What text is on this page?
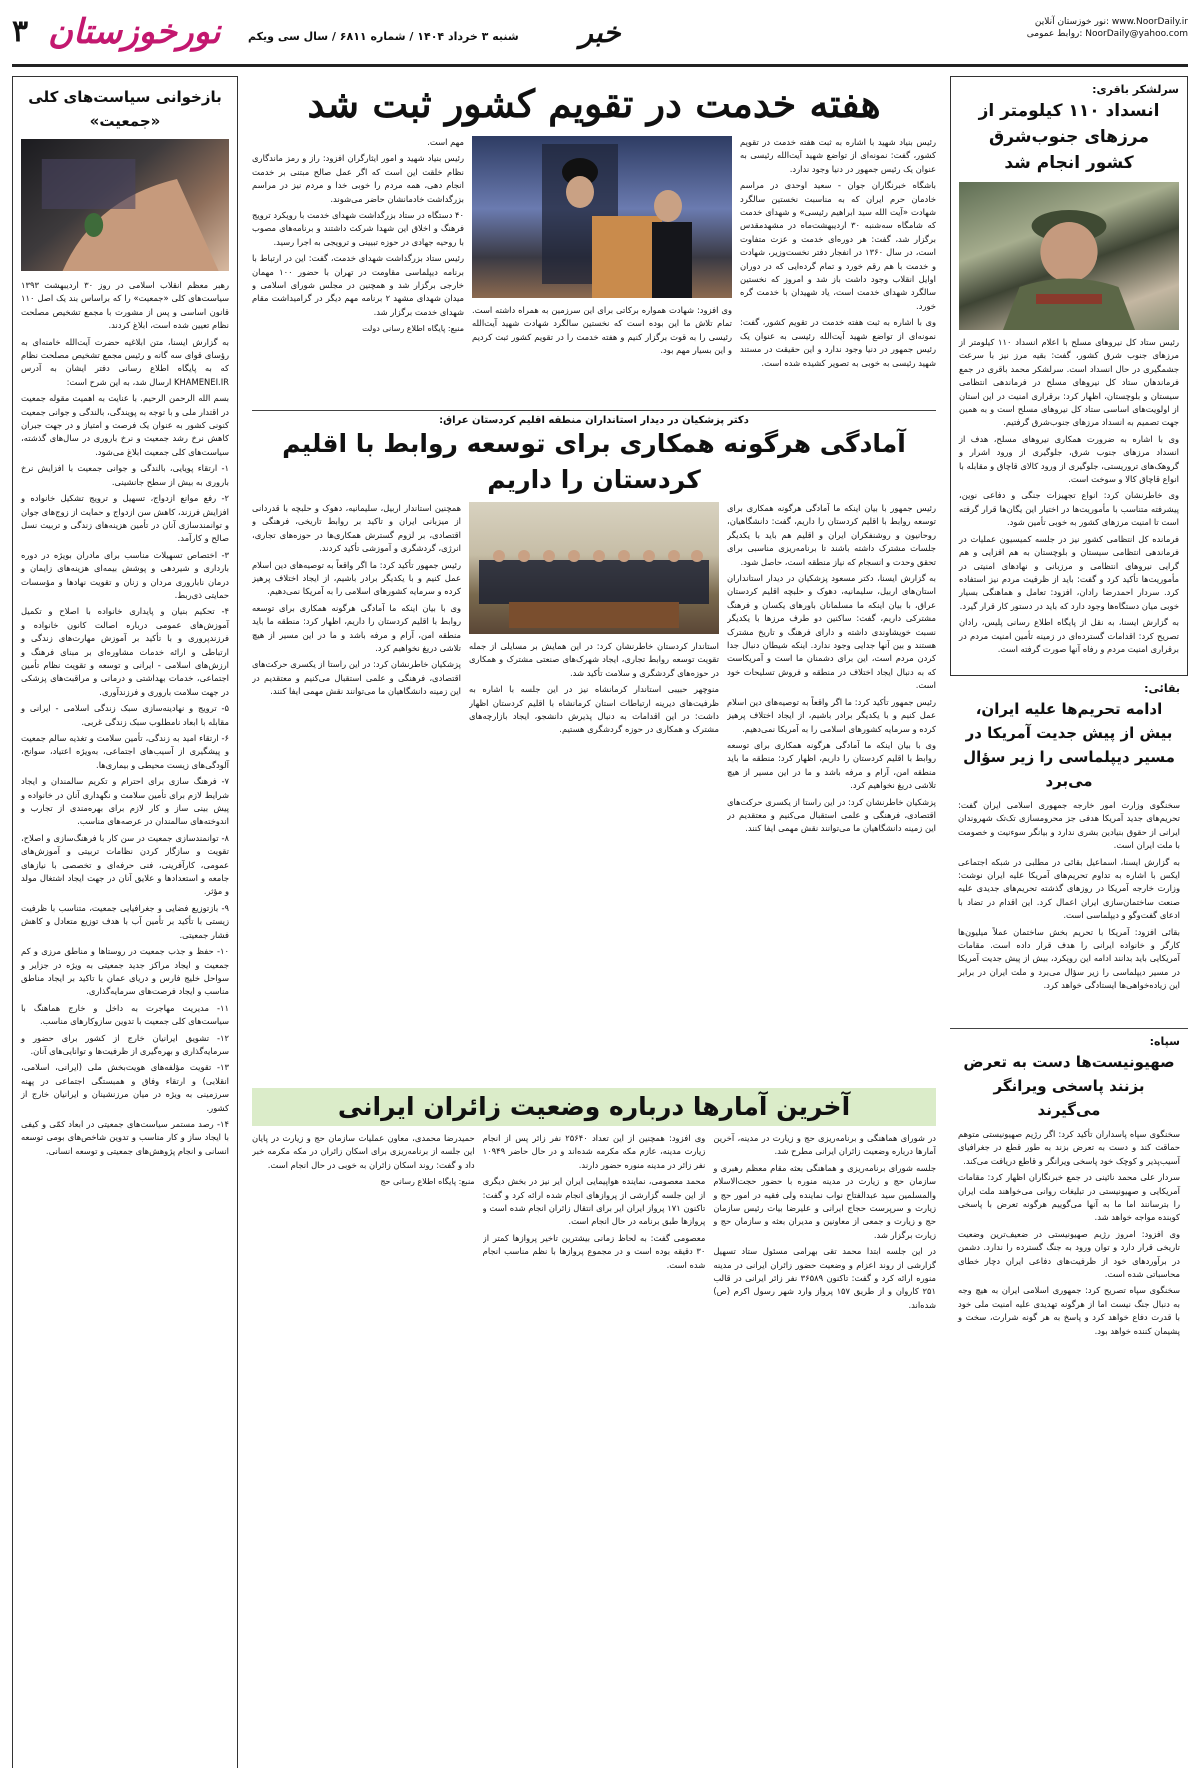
۳ نورخوزستان شنبه ۳ خرداد ۱۴۰۴ / شماره ۶۸۱۱ / سال سی ویکم خبر	نور خوزستان آنلاین: www.NoorDaily.ir
روابط عمومی: NoorDaily@yahoo.com
سرلشکر باقری:
انسداد ۱۱۰ کیلومتر از مرزهای جنوب‌شرق کشور انجام شد

رئیس ستاد کل نیروهای مسلح با اعلام انسداد ۱۱۰ کیلومتر از مرزهای جنوب شرق کشور، گفت: بقیه مرز نیز با سرعت جشمگیری در حال انسداد است. سرلشکر محمد باقری در جمع فرماندهان ستاد کل نیروهای مسلح در فرماندهی انتظامی سیستان و بلوچستان، اظهار کرد: برقراری امنیت در این استان از اولویت‌های اساسی ستاد کل نیروهای مسلح است و به همین جهت تصمیم به انسداد مرزهای جنوب‌شرق گرفتیم.

وی با اشاره به ضرورت همکاری نیروهای مسلح، هدف از انسداد مرزهای جنوب شرق، جلوگیری از ورود اشرار و گروهک‌های تروریستی، جلوگیری از ورود کالای قاچاق و مقابله با انواع قاچاق کالا و سوخت است.

وی خاطرنشان کرد: انواع تجهیزات جنگی و دفاعی نوین، پیشرفته متناسب با مأموریت‌ها در اختیار این یگان‌ها قرار گرفته است تا امنیت مرزهای کشور به خوبی تأمین شود.

فرمانده کل انتظامی کشور نیز در جلسه کمیسیون عملیات در فرماندهی انتظامی سیستان و بلوچستان به هم افزایی و هم گرایی نیروهای انتظامی و مرزبانی و نهادهای امنیتی در مأموریت‌ها تأکید کرد و گفت: باید از ظرفیت مردم نیز استفاده کرد. سردار احمدرضا رادان، افزود: تعامل و هماهنگی بسیار خوبی میان دستگاه‌ها وجود دارد که باید در دستور کار قرار گیرد.

به گزارش ایسنا، به نقل از پایگاه اطلاع رسانی پلیس، رادان تصریح کرد: اقدامات گسترده‌ای در زمینه تأمین امنیت مردم در برقراری امنیت مردم و رفاه آنها صورت گرفته است.

بقائی:
ادامه تحریم‌ها علیه ایران، بیش از پیش جدیت آمریکا در مسیر دیپلماسی را زیر سؤال می‌برد

سخنگوی وزارت امور خارجه جمهوری اسلامی ایران گفت: تحریم‌های جدید آمریکا هدفی جز محرومسازی تک‌تک شهروندان ایرانی از حقوق بنیادین بشری ندارد و بیانگر سوءنیت و خصومت با ملت ایران است.

به گزارش ایسنا، اسماعیل بقائی در مطلبی در شبکه اجتماعی ایکس با اشاره به تداوم تحریم‌های آمریکا علیه ایران نوشت: وزارت خارجه آمریکا در روزهای گذشته تحریم‌های جدیدی علیه صنعت ساختمان‌سازی ایران اعمال کرد. این اقدام در تضاد با ادعای گفت‌وگو و دیپلماسی است.

بقائی افزود: آمریکا با تحریم بخش ساختمان عملاً میلیون‌ها کارگر و خانواده ایرانی را هدف قرار داده است. مقامات آمریکایی باید بدانند ادامه این رویکرد، بیش از پیش جدیت آمریکا در مسیر دیپلماسی را زیر سؤال می‌برد و ملت ایران در برابر این زیاده‌خواهی‌ها ایستادگی خواهد کرد.

سپاه:
صهیونیست‌ها دست به تعرض بزنند پاسخی ویرانگر می‌گیرند

سخنگوی سپاه پاسداران تأکید کرد: اگر رژیم صهیونیستی متوهم حماقت کند و دست به تعرض بزند به طور قطع در جغرافیای آسیب‌پذیر و کوچک خود پاسخی ویرانگر و قاطع دریافت می‌کند.

سردار علی محمد نائینی در جمع خبرنگاران اظهار کرد: مقامات آمریکایی و صهیونیستی در تبلیغات روانی می‌خواهند ملت ایران را بترسانند اما ما به آنها می‌گوییم هرگونه تعرض با پاسخی کوبنده مواجه خواهد شد.

وی افزود: امروز رژیم صهیونیستی در ضعیف‌ترین وضعیت تاریخی قرار دارد و توان ورود به جنگ گسترده را ندارد. دشمن در برآوردهای خود از ظرفیت‌های دفاعی ایران دچار خطای محاسباتی شده است.

سخنگوی سپاه تصریح کرد: جمهوری اسلامی ایران به هیچ وجه به دنبال جنگ نیست اما از هرگونه تهدیدی علیه امنیت ملی خود با قدرت دفاع خواهد کرد و پاسخ به هر گونه شرارت، سخت و پشیمان کننده خواهد بود.

هفته خدمت در تقویم کشور ثبت شد

رئیس بنیاد شهید با اشاره به ثبت هفته خدمت در تقویم کشور، گفت: نمونه‌ای از تواضع شهید آیت‌الله رئیسی به عنوان یک رئیس جمهور در دنیا وجود ندارد.

باشگاه خبرنگاران جوان - سعید اوحدی در مراسم خادمان حرم ایران که به مناسبت نخستین سالگرد شهادت «آیت الله سید ابراهیم رئیسی» و شهدای خدمت که شامگاه سه‌شنبه ۳۰ اردیبهشت‌ماه در مشهدمقدس برگزار شد، گفت: هر دوره‌ای خدمت و عزت متفاوت است، در سال ۱۳۶۰ در انفجار دفتر نخست‌وزیر، شهادت و خدمت با هم رقم خورد و تمام گرده‌ایی که در دوران اوایل انقلاب وجود داشت باز شد و امروز که نخستین سالگرد شهدای خدمت است، یاد شهیدان با خدمت گره خورد.

وی با اشاره به ثبت هفته خدمت در تقویم کشور، گفت: نمونه‌ای از تواضع شهید آیت‌الله رئیسی به عنوان یک رئیس جمهور در دنیا وجود ندارد و این حقیقت در مستند شهید رئیسی به خوبی به تصویر کشیده شده است.

وی افزود: شهادت همواره برکاتی برای این سرزمین به همراه داشته است. تمام تلاش ما این بوده است که نخستین سالگرد شهادت شهید آیت‌الله رئیسی را به قوت برگزار کنیم و هفته خدمت را در تقویم کشور ثبت کردیم و این بسیار مهم بود.

مهم است.

رئیس بنیاد شهید و امور ایثارگران افزود: راز و رمز ماندگاری نظام خلقت این است که اگر عمل صالح مبتنی بر خدمت انجام دهی، همه مردم را خوبی خدا و مردم نیز در مراسم بزرگداشت خادمانشان حاضر می‌شوند.

۴۰ دستگاه در ستاد بزرگداشت شهدای خدمت با رویکرد ترویج فرهنگ و اخلاق این شهدا شرکت داشتند و برنامه‌های مصوب با روحیه جهادی در حوزه تبیینی و ترویجی به اجرا رسید.

رئیس ستاد بزرگداشت شهدای خدمت، گفت: این در ارتباط با برنامه دیپلماسی مقاومت در تهران با حضور ۱۰۰ مهمان خارجی برگزار شد و همچنین در مجلس شورای اسلامی و میدان شهدای مشهد ۲ برنامه مهم دیگر در گرامیداشت مقام شهدای خدمت برگزار شد.

منبع: پایگاه اطلاع رسانی دولت

دکتر پزشکیان در دیدار استانداران منطقه اقلیم کردستان عراق:
آمادگی هرگونه همکاری برای توسعه روابط با اقلیم کردستان را داریم

رئیس جمهور با بیان اینکه ما آمادگی هرگونه همکاری برای توسعه روابط با اقلیم کردستان را داریم، گفت: دانشگاهیان، روحانیون و روشنفکران ایران و اقلیم هم باید با یکدیگر جلسات مشترک داشته باشند تا برنامه‌ریزی مناسبی برای تحقق وحدت و انسجام که نیاز منطقه است، حاصل شود.

به گزارش ایسنا، دکتر مسعود پزشکیان در دیدار استانداران استان‌های اربیل، سلیمانیه، دهوک و حلبچه اقلیم کردستان عراق، با بیان اینکه ما مسلمانان باورهای یکسان و فرهنگ مشترکی داریم، گفت: ساکنین دو طرف مرزها با یکدیگر نسبت خویشاوندی داشته و دارای فرهنگ و تاریخ مشترک هستند و بین آنها جدایی وجود ندارد. اینکه شیطان دنبال جدا کردن مردم است، این برای دشمنان ما است و آمریکاست که به دنبال ایجاد اختلاف در منطقه و فروش تسلیحات خود است.

رئیس جمهور تأکید کرد: ما اگر واقعاً به توصیه‌های دین اسلام عمل کنیم و با یکدیگر برادر باشیم، از ایجاد اختلاف پرهیز کرده و سرمایه کشورهای اسلامی را به آمریکا نمی‌دهیم.

وی با بیان اینکه ما آمادگی هرگونه همکاری برای توسعه روابط با اقلیم کردستان را داریم، اظهار کرد: منطقه ما باید منطقه امن، آرام و مرفه باشد و ما در این مسیر از هیچ تلاشی دریغ نخواهیم کرد.

پزشکیان خاطرنشان کرد: در این راستا از یکسری حرکت‌های اقتصادی، فرهنگی و علمی استقبال می‌کنیم و معتقدیم در این زمینه دانشگاهیان ما می‌توانند نقش مهمی ایفا کنند.

استاندار کردستان خاطرنشان کرد: در این همایش بر مسایلی از جمله تقویت توسعه روابط تجاری، ایجاد شهرک‌های صنعتی مشترک و همکاری در حوزه‌های گردشگری و سلامت تأکید شد.

منوچهر حبیبی استاندار کرمانشاه نیز در این جلسه با اشاره به ظرفیت‌های دیرینه ارتباطات استان کرمانشاه با اقلیم کردستان اظهار داشت: در این اقدامات به دنبال پذیرش دانشجو، ایجاد بازارچه‌های مشترک و همکاری در حوزه گردشگری هستیم.

همچنین استاندار اربیل، سلیمانیه، دهوک و حلبچه با قدردانی از میزبانی ایران و تاکید بر روابط تاریخی، فرهنگی و اقتصادی، بر لزوم گسترش همکاری‌ها در حوزه‌های تجاری، انرژی، گردشگری و آموزشی تأکید کردند.

رئیس جمهور تأکید کرد: ما اگر واقعاً به توصیه‌های دین اسلام عمل کنیم و با یکدیگر برادر باشیم، از ایجاد اختلاف پرهیز کرده و سرمایه کشورهای اسلامی را به آمریکا نمی‌دهیم.

وی با بیان اینکه ما آمادگی هرگونه همکاری برای توسعه روابط با اقلیم کردستان را داریم، اظهار کرد: منطقه ما باید منطقه امن، آرام و مرفه باشد و ما در این مسیر از هیچ تلاشی دریغ نخواهیم کرد.

پزشکیان خاطرنشان کرد: در این راستا از یکسری حرکت‌های اقتصادی، فرهنگی و علمی استقبال می‌کنیم و معتقدیم در این زمینه دانشگاهیان ما می‌توانند نقش مهمی ایفا کنند.

آخرین آمارها درباره وضعیت زائران ایرانی

در شورای هماهنگی و برنامه‌ریزی حج و زیارت در مدینه، آخرین آمارها درباره وضعیت زائران ایرانی مطرح شد.

جلسه شورای برنامه‌ریزی و هماهنگی بعثه مقام معظم رهبری و سازمان حج و زیارت در مدینه منوره با حضور حجت‌الاسلام والمسلمین سید عبدالفتاح نواب نماینده ولی فقیه در امور حج و زیارت و سرپرست حجاج ایرانی و علیرضا بیات رئیس سازمان حج و زیارت و جمعی از معاونین و مدیران بعثه و سازمان حج و زیارت برگزار شد.

در این جلسه ابتدا محمد تقی بهرامی مسئول ستاد تسهیل گزارشی از روند اعزام و وضعیت حضور زائران ایرانی در مدینه منوره ارائه کرد و گفت: تاکنون ۳۶۵۸۹ نفر زائر ایرانی در قالب ۲۵۱ کاروان و از طریق ۱۵۷ پرواز وارد شهر رسول اکرم (ص) شده‌اند.

وی افزود: همچنین از این تعداد ۲۵۶۴۰ نفر زائر پس از انجام زیارت مدینه، عازم مکه مکرمه شده‌اند و در حال حاضر ۱۰۹۴۹ نفر زائر در مدینه منوره حضور دارند.

محمد معصومی، نماینده هواپیمایی ایران ایر نیز در بخش دیگری از این جلسه گزارشی از پروازهای انجام شده ارائه کرد و گفت: تاکنون ۱۷۱ پرواز ایران ایر برای انتقال زائران انجام شده است و پروازها طبق برنامه در حال انجام است.

معصومی گفت: به لحاظ زمانی بیشترین تاخیر پروازها کمتر از ۳۰ دقیقه بوده است و در مجموع پروازها با نظم مناسب انجام شده است.

حمیدرضا محمدی، معاون عملیات سازمان حج و زیارت در پایان این جلسه از برنامه‌ریزی برای اسکان زائران در مکه مکرمه خبر داد و گفت: روند اسکان زائران به خوبی در حال انجام است.

منبع: پایگاه اطلاع رسانی حج

بازخوانی سیاست‌های کلی «جمعیت»

رهبر معظم انقلاب اسلامی در روز ۳۰ اردیبهشت ۱۳۹۳ سیاست‌های کلی «جمعیت» را که براساس بند یک اصل ۱۱۰ قانون اساسی و پس از مشورت با مجمع تشخیص مصلحت نظام تعیین شده است، ابلاغ کردند.

به گزارش ایسنا، متن ابلاغیه حضرت آیت‌الله خامنه‌ای به رؤسای قوای سه گانه و رئیس مجمع تشخیص مصلحت نظام که به پایگاه اطلاع رسانی دفتر ایشان به آدرس KHAMENEI.IR ارسال شد، به این شرح است:

بسم الله الرحمن الرحیم. با عنایت به اهمیت مقوله جمعیت در اقتدار ملی و با توجه به پویندگی، بالندگی و جوانی جمعیت کنونی کشور به عنوان یک فرصت و امتیاز و در جهت جبران کاهش نرخ رشد جمعیت و نرخ باروری در سال‌های گذشته، سیاست‌های کلی جمعیت ابلاغ می‌شود.

۱- ارتقاء پویایی، بالندگی و جوانی جمعیت با افزایش نرخ باروری به بیش از سطح جانشینی.

۲- رفع موانع ازدواج، تسهیل و ترویج تشکیل خانواده و افزایش فرزند، کاهش سن ازدواج و حمایت از زوج‌های جوان و توانمندسازی آنان در تأمین هزینه‌های زندگی و تربیت نسل صالح و کارآمد.

۳- اختصاص تسهیلات مناسب برای مادران بویژه در دوره بارداری و شیردهی و پوشش بیمه‌ای هزینه‌های زایمان و درمان ناباروری مردان و زنان و تقویت نهادها و مؤسسات حمایتی ذی‌ربط.

۴- تحکیم بنیان و پایداری خانواده با اصلاح و تکمیل آموزش‌های عمومی درباره اصالت کانون خانواده و فرزندپروری و با تأکید بر آموزش مهارت‌های زندگی و ارتباطی و ارائه خدمات مشاوره‌ای بر مبنای فرهنگ و ارزش‌های اسلامی - ایرانی و توسعه و تقویت نظام تأمین اجتماعی، خدمات بهداشتی و درمانی و مراقبت‌های پزشکی در جهت سلامت باروری و فرزندآوری.

۵- ترویج و نهادینه‌سازی سبک زندگی اسلامی - ایرانی و مقابله با ابعاد نامطلوب سبک زندگی غربی.

۶- ارتقاء امید به زندگی، تأمین سلامت و تغذیه سالم جمعیت و پیشگیری از آسیب‌های اجتماعی، به‌ویژه اعتیاد، سوانح، آلودگی‌های زیست محیطی و بیماری‌ها.

۷- فرهنگ سازی برای احترام و تکریم سالمندان و ایجاد شرایط لازم برای تأمین سلامت و نگهداری آنان در خانواده و پیش بینی ساز و کار لازم برای بهره‌مندی از تجارب و اندوخته‌های سالمندان در عرصه‌های مناسب.

۸- توانمندسازی جمعیت در سن کار با فرهنگ‌سازی و اصلاح، تقویت و سازگار کردن نظامات تربیتی و آموزش‌های عمومی، کارآفرینی، فنی حرفه‌ای و تخصصی با نیازهای جامعه و استعدادها و علایق آنان در جهت ایجاد اشتغال مولد و مؤثر.

۹- بازتوزیع فضایی و جغرافیایی جمعیت، متناسب با ظرفیت زیستی با تأکید بر تأمین آب با هدف توزیع متعادل و کاهش فشار جمعیتی.

۱۰- حفظ و جذب جمعیت در روستاها و مناطق مرزی و کم جمعیت و ایجاد مراکز جدید جمعیتی به ویژه در جزایر و سواحل خلیج فارس و دریای عمان با تاکید بر ایجاد مناطق مناسب و ایجاد فرصت‌های سرمایه‌گذاری.

۱۱- مدیریت مهاجرت به داخل و خارج هماهنگ با سیاست‌های کلی جمعیت با تدوین سازوکارهای مناسب.

۱۲- تشویق ایرانیان خارج از کشور برای حضور و سرمایه‌گذاری و بهره‌گیری از ظرفیت‌ها و توانایی‌های آنان.

۱۳- تقویت مؤلفه‌های هویت‌بخش ملی (ایرانی، اسلامی، انقلابی) و ارتقاء وفاق و همبستگی اجتماعی در پهنه سرزمینی به ویژه در میان مرزنشینان و ایرانیان خارج از کشور.

۱۴- رصد مستمر سیاست‌های جمعیتی در ابعاد کمّی و کیفی با ایجاد ساز و کار مناسب و تدوین شاخص‌های بومی توسعه انسانی و انجام پژوهش‌های جمعیتی و توسعه انسانی.
